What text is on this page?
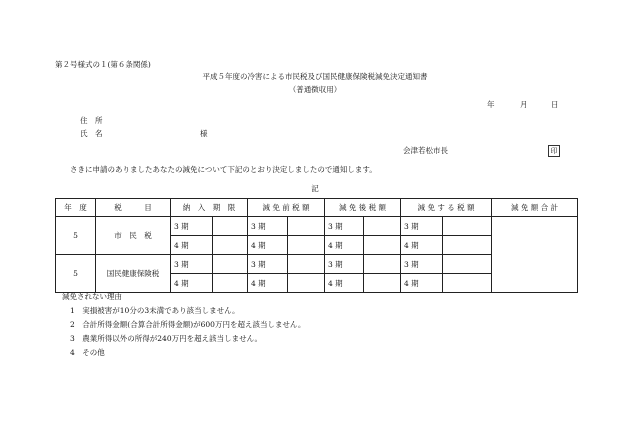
第２号様式の１(第６条関係)
平成５年度の冷害による市民税及び国民健康保険税減免決定通知書
（普通徴収用）
年	月	日
住　所
氏　名	様
会津若松市長	印
さきに申請のありましたあなたの減免について下記のとおり決定しましたので通知します。
記
年　度	税　　　目	納　入　期　限		減 免 前 税 額		減 免 後 税 額		減 免 す る 税 額		減 免 額 合 計
5	市　民　税	3 期		3 期		3 期		3 期		
		4 期		4 期		4 期		4 期		
5	国民健康保険税	3 期		3 期		3 期		3 期		
		4 期		4 期		4 期		4 期		
減免されない理由
1　実損被害が10分の3未満であり該当しません。
2　合計所得金額(合算合計所得金額)が600万円を超え該当しません。
3　農業所得以外の所得が240万円を超え該当しません。
4　その他
